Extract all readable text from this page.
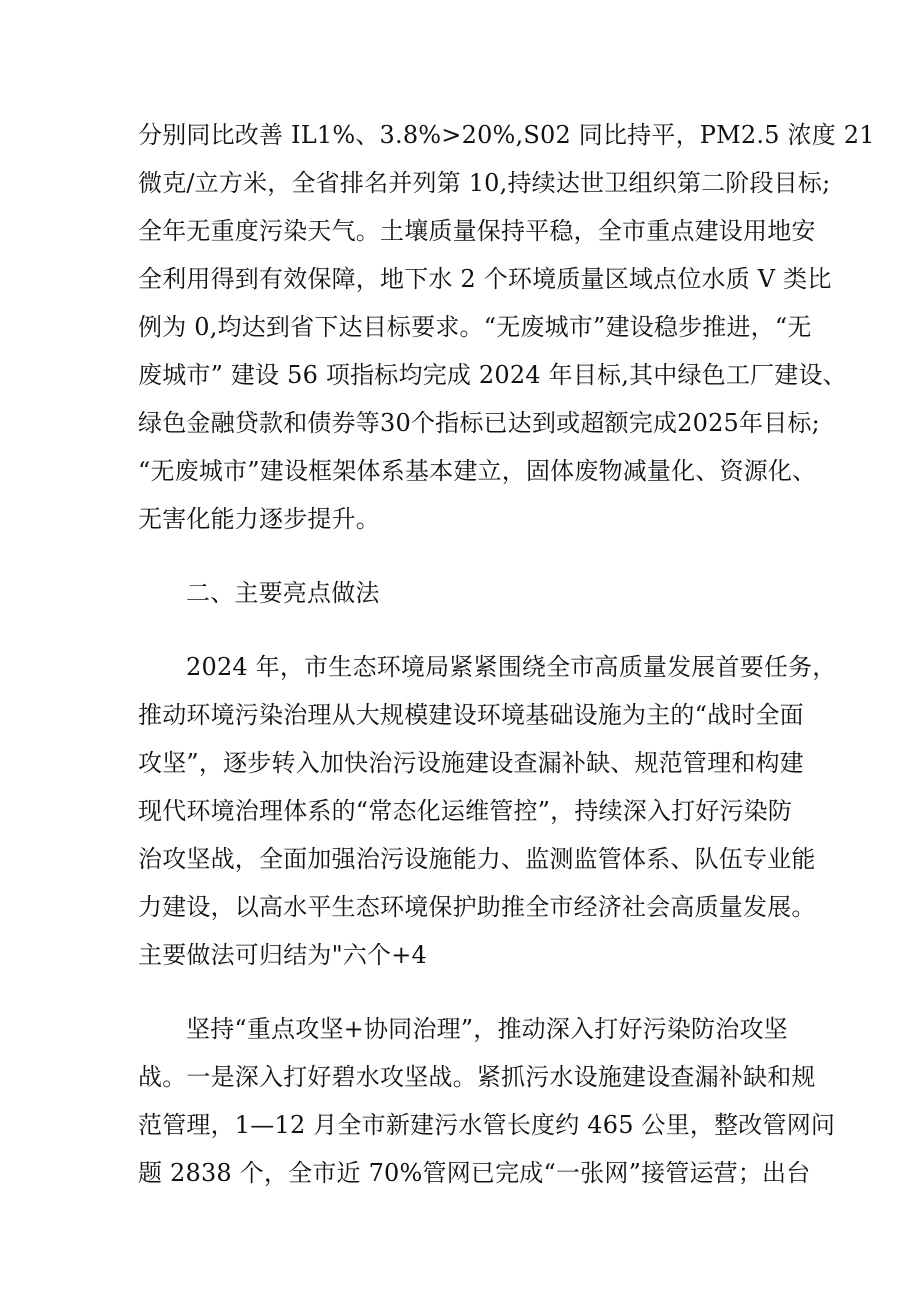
分别同比改善 IL1%、3.8%>20%,S02 同比持平，PM2.5 浓度 21
微克/立方米，全省排名并列第 10,持续达世卫组织第二阶段目标;
全年无重度污染天气。土壤质量保持平稳，全市重点建设用地安
全利用得到有效保障，地下水 2 个环境质量区域点位水质 V 类比
例为 0,均达到省下达目标要求。“无废城市”建设稳步推进，“无
废城市” 建设 56 项指标均完成 2024 年目标,其中绿色工厂建设、
绿色金融贷款和债券等30个指标已达到或超额完成2025年目标;
“无废城市”建设框架体系基本建立，固体废物减量化、资源化、
无害化能力逐步提升。
二、主要亮点做法
2024 年，市生态环境局紧紧围绕全市高质量发展首要任务，
推动环境污染治理从大规模建设环境基础设施为主的“战时全面
攻坚”，逐步转入加快治污设施建设查漏补缺、规范管理和构建
现代环境治理体系的“常态化运维管控”，持续深入打好污染防
治攻坚战，全面加强治污设施能力、监测监管体系、队伍专业能
力建设，以高水平生态环境保护助推全市经济社会高质量发展。
主要做法可归结为"六个+4
坚持“重点攻坚+协同治理”，推动深入打好污染防治攻坚
战。一是深入打好碧水攻坚战。紧抓污水设施建设查漏补缺和规
范管理，1—12 月全市新建污水管长度约 465 公里，整改管网问
题 2838 个，全市近 70%管网已完成“一张网”接管运营；出台
